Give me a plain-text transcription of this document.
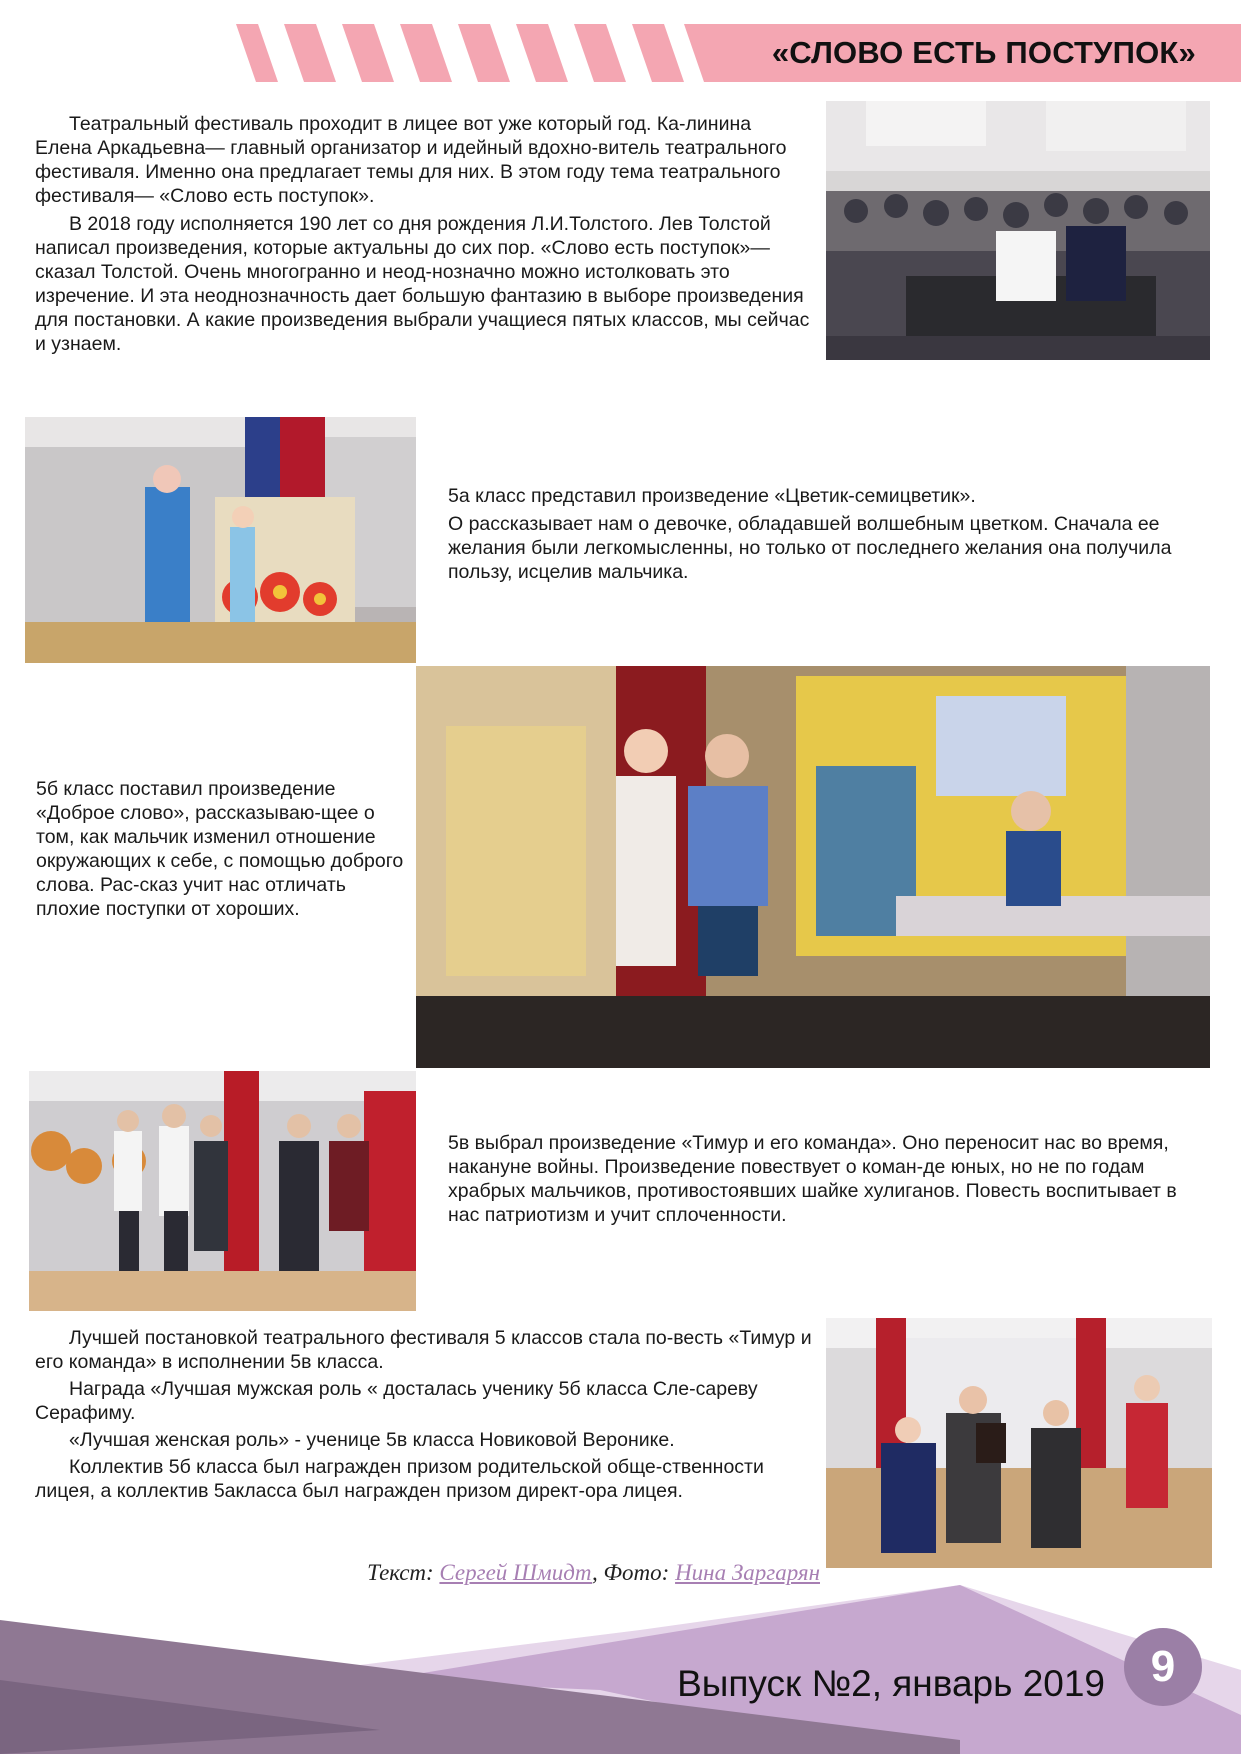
«СЛОВО ЕСТЬ ПОСТУПОК»

Театральный фестиваль проходит в лицее вот уже который год. Ка-линина Елена Аркадьевна— главный организатор и идейный вдохно-витель театрального фестиваля. Именно она предлагает темы для них. В этом году тема театрального фестиваля— «Слово есть поступок».

В 2018 году исполняется 190 лет со дня рождения Л.И.Толстого. Лев Толстой написал произведения, которые актуальны до сих пор. «Слово есть поступок»— сказал Толстой. Очень многогранно и неод-нозначно можно истолковать это изречение. И эта неоднозначность дает большую фантазию в выборе произведения для постановки. А какие произведения выбрали учащиеся пятых классов, мы сейчас и узнаем.

5а класс представил произведение «Цветик-семицветик».

О рассказывает нам о девочке, обладавшей волшебным цветком. Сначала ее желания были легкомысленны, но только от последнего желания она получила пользу, исцелив мальчика.

5б класс поставил произведение «Доброе слово», рассказываю-щее о том, как мальчик изменил отношение окружающих к себе, с помощью доброго слова. Рас-сказ учит нас отличать плохие поступки от хороших.

5в выбрал произведение «Тимур и его команда». Оно переносит нас во время, накануне войны. Произведение повествует о коман-де юных, но не по годам храбрых мальчиков, противостоявших шайке хулиганов. Повесть воспитывает в нас патриотизм и учит сплоченности.

Лучшей постановкой театрального фестиваля 5 классов стала по-весть «Тимур и его команда» в исполнении 5в класса.

Награда «Лучшая мужская роль « досталась ученику 5б класса Сле-сареву Серафиму.

«Лучшая женская роль» - ученице 5в класса Новиковой Веронике.

Коллектив 5б класса был награжден призом родительской обще-ственности лицея, а коллектив 5акласса был награжден призом директ-ора лицея.

Текст: Сергей Шмидт, Фото: Нина Заргарян
Выпуск №2, январь 2019	9
